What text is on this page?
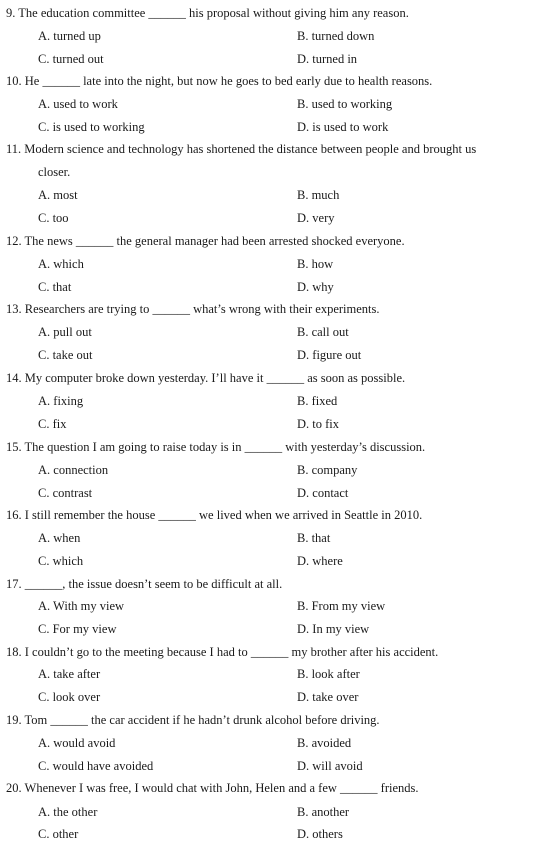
9. The education committee ______ his proposal without giving him any reason.
A. turned up	B. turned down
C. turned out	D. turned in
10. He ______ late into the night, but now he goes to bed early due to health reasons.
A. used to work	B. used to working
C. is used to working	D. is used to work
11. Modern science and technology has shortened the distance between people and brought us
closer.
A. most	B. much
C. too	D. very
12. The news ______ the general manager had been arrested shocked everyone.
A. which	B. how
C. that	D. why
13. Researchers are trying to ______ what’s wrong with their experiments.
A. pull out	B. call out
C. take out	D. figure out
14. My computer broke down yesterday. I’ll have it ______ as soon as possible.
A. fixing	B. fixed
C. fix	D. to fix
15. The question I am going to raise today is in ______ with yesterday’s discussion.
A. connection	B. company
C. contrast	D. contact
16. I still remember the house ______ we lived when we arrived in Seattle in 2010.
A. when	B. that
C. which	D. where
17. ______, the issue doesn’t seem to be difficult at all.
A. With my view	B. From my view
C. For my view	D. In my view
18. I couldn’t go to the meeting because I had to ______ my brother after his accident.
A. take after	B. look after
C. look over	D. take over
19. Tom ______ the car accident if he hadn’t drunk alcohol before driving.
A. would avoid	B. avoided
C. would have avoided	D. will avoid
20. Whenever I was free, I would chat with John, Helen and a few ______ friends.
A. the other	B. another
C. other	D. others
